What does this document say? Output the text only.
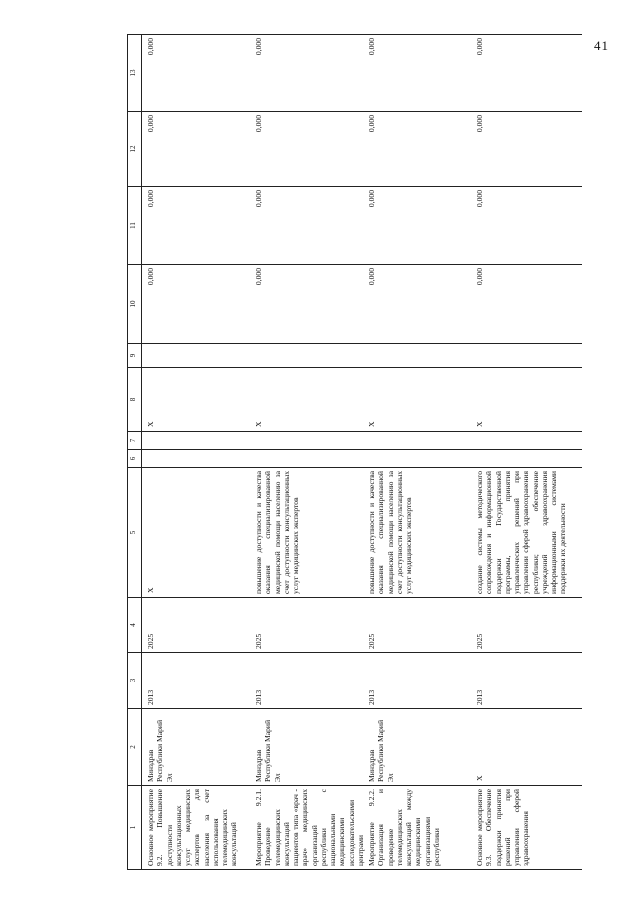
41
1	2	3	4	5	6	7	8	9	10	11	12	13
Основное мероприятие 9.2. Повышение доступности консультационных услуг медицинских экспертов для населения за счет использования телемедицинских консультаций	Минздрав Республики Марий Эл	2013	2025	X			X		0,000	0,000	0,000	0,000
Мероприятие 9.2.1. Проведение телемедицинских консультаций пациентов типа «врач - врач» медицинских организаций республики с национальными медицинскими исследовательскими центрами	Минздрав Республики Марий Эл	2013	2025	повышение доступности и качества оказания специализированной медицинской помощи населению за счет доступности консультационных услуг медицинских экспертов			X		0,000	0,000	0,000	0,000
Мероприятие 9.2.2. Организация и проведение телемедицинских консультаций между медицинскими организациями республики	Минздрав Республики Марий Эл	2013	2025	повышение доступности и качества оказания специализированной медицинской помощи населению за счет доступности консультационных услуг медицинских экспертов			X		0,000	0,000	0,000	0,000
Основное мероприятие 9.3. Обеспечение поддержки принятия решений при управлении сферой здравоохранения	X	2013	2025	создание системы методического сопровождения и информационной поддержки Государственной программы, принятия управленческих решений при управлении сферой здравоохранения республики; обеспечение учреждений здравоохранения информационными системами поддержки их деятельности			X		0,000	0,000	0,000	0,000
